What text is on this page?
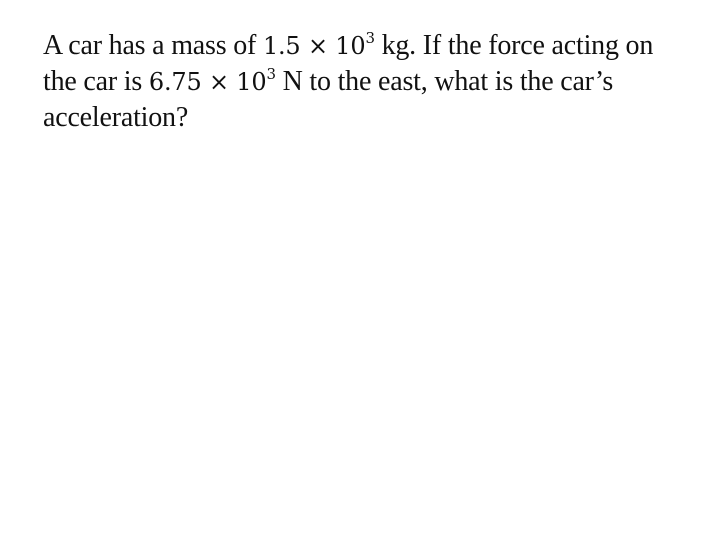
A car has a mass of $1.5 \times 10^3$ kg. If the force acting on
the car is $6.75 \times 10^3$ N to the east, what is the car’s
acceleration?
